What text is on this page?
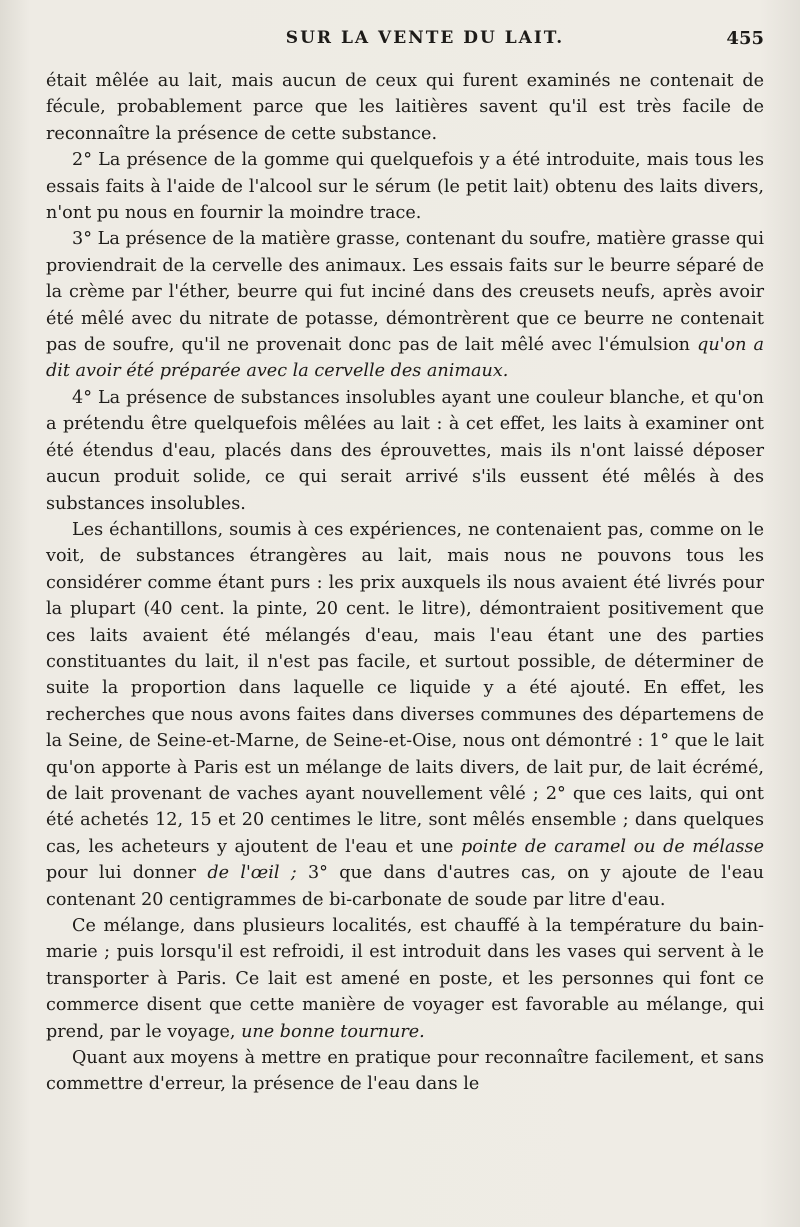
SUR LA VENTE DU LAIT.	455

était mêlée au lait, mais aucun de ceux qui furent examinés ne contenait de fécule, probablement parce que les laitières savent qu'il est très facile de reconnaître la présence de cette substance.

2° La présence de la gomme qui quelquefois y a été introduite, mais tous les essais faits à l'aide de l'alcool sur le sérum (le petit lait) obtenu des laits divers, n'ont pu nous en fournir la moindre trace.

3° La présence de la matière grasse, contenant du soufre, matière grasse qui proviendrait de la cervelle des animaux. Les essais faits sur le beurre séparé de la crème par l'éther, beurre qui fut inciné dans des creusets neufs, après avoir été mêlé avec du nitrate de potasse, démontrèrent que ce beurre ne contenait pas de soufre, qu'il ne provenait donc pas de lait mêlé avec l'émulsion qu'on a dit avoir été préparée avec la cervelle des animaux.

4° La présence de substances insolubles ayant une couleur blanche, et qu'on a prétendu être quelquefois mêlées au lait : à cet effet, les laits à examiner ont été étendus d'eau, placés dans des éprouvettes, mais ils n'ont laissé déposer aucun produit solide, ce qui serait arrivé s'ils eussent été mêlés à des substances insolubles.

Les échantillons, soumis à ces expériences, ne contenaient pas, comme on le voit, de substances étrangères au lait, mais nous ne pouvons tous les considérer comme étant purs : les prix auxquels ils nous avaient été livrés pour la plupart (40 cent. la pinte, 20 cent. le litre), démontraient positivement que ces laits avaient été mélangés d'eau, mais l'eau étant une des parties constituantes du lait, il n'est pas facile, et surtout possible, de déterminer de suite la proportion dans laquelle ce liquide y a été ajouté. En effet, les recherches que nous avons faites dans diverses communes des départemens de la Seine, de Seine-et-Marne, de Seine-et-Oise, nous ont démontré : 1° que le lait qu'on apporte à Paris est un mélange de laits divers, de lait pur, de lait écrémé, de lait provenant de vaches ayant nouvellement vêlé ; 2° que ces laits, qui ont été achetés 12, 15 et 20 centimes le litre, sont mêlés ensemble ; dans quelques cas, les acheteurs y ajoutent de l'eau et une pointe de caramel ou de mélasse pour lui donner de l'œil ; 3° que dans d'autres cas, on y ajoute de l'eau contenant 20 centigrammes de bi-carbonate de soude par litre d'eau.

Ce mélange, dans plusieurs localités, est chauffé à la température du bain-marie ; puis lorsqu'il est refroidi, il est introduit dans les vases qui servent à le transporter à Paris. Ce lait est amené en poste, et les personnes qui font ce commerce disent que cette manière de voyager est favorable au mélange, qui prend, par le voyage, une bonne tournure.

Quant aux moyens à mettre en pratique pour reconnaître facilement, et sans commettre d'erreur, la présence de l'eau dans le
